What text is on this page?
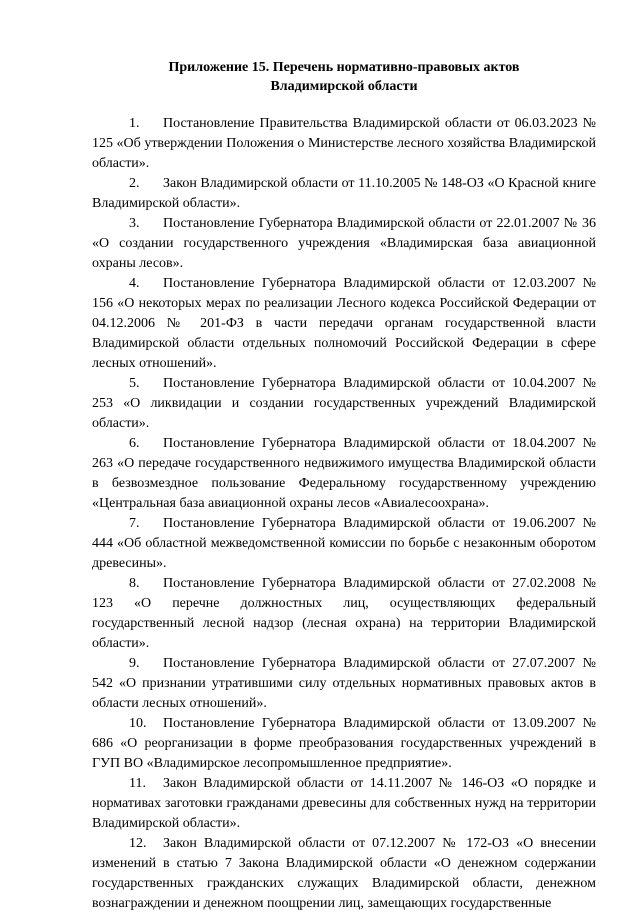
Приложение 15. Перечень нормативно-правовых актов
Владимирской области

1. Постановление Правительства Владимирской области от 06.03.2023 № 125 «Об утверждении Положения о Министерстве лесного хозяйства Владимирской области».

2. Закон Владимирской области от 11.10.2005 № 148-ОЗ «О Красной книге Владимирской области».

3. Постановление Губернатора Владимирской области от 22.01.2007 № 36 «О создании государственного учреждения «Владимирская база авиационной охраны лесов».

4. Постановление Губернатора Владимирской области от 12.03.2007 № 156 «О некоторых мерах по реализации Лесного кодекса Российской Федерации от 04.12.2006 № 201-ФЗ в части передачи органам государственной власти Владимирской области отдельных полномочий Российской Федерации в сфере лесных отношений».

5. Постановление Губернатора Владимирской области от 10.04.2007 № 253 «О ликвидации и создании государственных учреждений Владимирской области».

6. Постановление Губернатора Владимирской области от 18.04.2007 № 263 «О передаче государственного недвижимого имущества Владимирской области в безвозмездное пользование Федеральному государственному учреждению «Центральная база авиационной охраны лесов «Авиалесоохрана».

7. Постановление Губернатора Владимирской области от 19.06.2007 № 444 «Об областной межведомственной комиссии по борьбе с незаконным оборотом древесины».

8. Постановление Губернатора Владимирской области от 27.02.2008 № 123 «О перечне должностных лиц, осуществляющих федеральный государственный лесной надзор (лесная охрана) на территории Владимирской области».

9. Постановление Губернатора Владимирской области от 27.07.2007 № 542 «О признании утратившими силу отдельных нормативных правовых актов в области лесных отношений».

10. Постановление Губернатора Владимирской области от 13.09.2007 № 686 «О реорганизации в форме преобразования государственных учреждений в ГУП ВО «Владимирское лесопромышленное предприятие».

11. Закон Владимирской области от 14.11.2007 № 146-ОЗ «О порядке и нормативах заготовки гражданами древесины для собственных нужд на территории Владимирской области».

12. Закон Владимирской области от 07.12.2007 № 172-ОЗ «О внесении изменений в статью 7 Закона Владимирской области «О денежном содержании государственных гражданских служащих Владимирской области, денежном вознаграждении и денежном поощрении лиц, замещающих государственные
